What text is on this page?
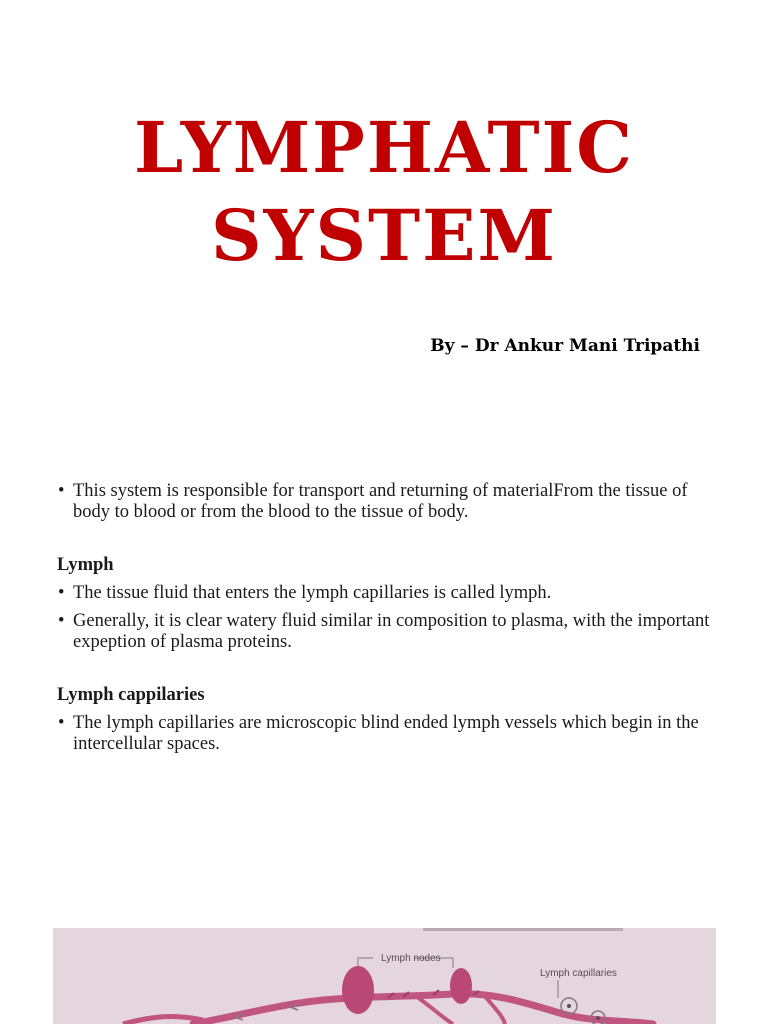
LYMPHATIC
SYSTEM

By – Dr Ankur Mani Tripathi

• This system is responsible for transport and returning of materialFrom the tissue of body to blood or from the blood to the tissue of body.
Lymph
• The tissue fluid that enters the lymph capillaries is called lymph.
• Generally, it is clear watery fluid similar in composition to plasma, with the important expeption of plasma proteins.
Lymph cappilaries
• The lymph capillaries are microscopic blind ended lymph vessels which begin in the intercellular spaces.
Lymph nodes
Lymph capillaries
